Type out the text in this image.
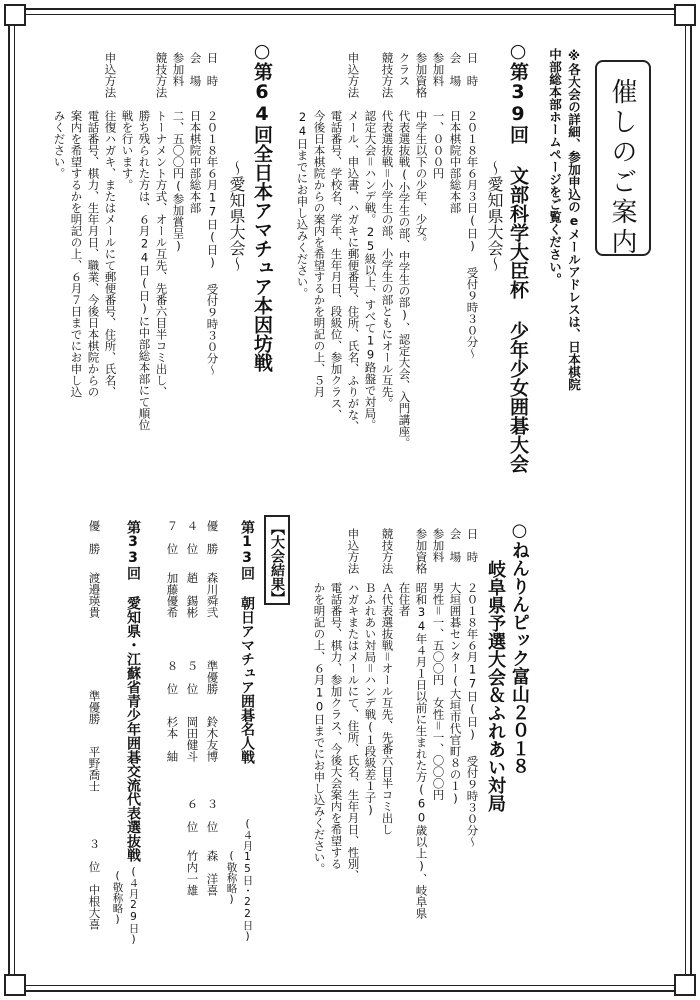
催しのご案内
※各大会の詳細、参加申込のeメールアドレスは、日本棋院
中部総本部ホームページをご覧ください。
○第39回 文部科学大臣杯 少年少女囲碁大会
～愛知県大会～
日　時
会　場
参加料
参加資格
クラス
競技方法
申込方法
２０１８年６月３日(日) 受付９時３０分～
日本棋院中部総本部
一、０００円
中学生以下の少年、少女。
代表選抜戦(小学生の部、中学生の部)、認定大会、入門講座。
代表選抜戦＝小学生の部、小学生の部ともにオール互先。
認定大会＝ハンデ戦。25級以上、すべて19路盤で対局。
メール、申込書、ハガキに郵便番号、住所、氏名、ふりがな、
電話番号、学校名、学年、生年月日、段級位、参加クラス、
今後日本棋院からの案内を希望するかを明記の上、５月
24日までにお申し込みください。
○第64回全日本アマチュア本因坊戦
～愛知県大会～
日　時
会　場
参加料
競技方法
申込方法
２０１８年６月17日(日) 受付９時３０分～
日本棋院中部総本部
二、五〇〇円(参加賞呈)
トーナメント方式、オール互先、先番六目半コミ出し、
勝ち残られた方は、６月24日(日)に中部総本部にて順位
戦を行います。
往復ハガキ、またはメールにて郵便番号、住所、氏名、
電話番号、棋力、生年月日、職業、今後日本棋院からの
案内を希望するかを明記の上、６月７日までにお申し込
みください。
○ねんりんピック富山２０１８
岐阜県予選大会＆ふれあい対局
日　時
会　場
参加料
参加資格
競技方法
申込方法
２０１８年６月17日(日) 受付９時３０分～
大垣囲碁センター(大垣市代官町８の１)
男性＝一、五〇〇円　女性＝一、〇〇〇円
昭和34年４月１日以前に生まれた方(60歳以上)、岐阜県
在住者
Ａ代表選抜戦＝オール互先、先番六目半コミ出し
Ｂふれあい対局＝ハンデ戦(１段級差１子)
ハガキまたはメールにて、住所、氏名、生年月日、性別、
電話番号、棋力、参加クラス、今後大会案内を希望する
かを明記の上、６月10日までにお申し込みください。
【大会結果】
第13回 朝日アマチュア囲碁名人戦
(４月15日・22日)
(敬称略)
優　勝
森川舜弐
準優勝
鈴木友博
３　位
森　洋喜
４　位
趙　錫彬
５　位
岡田健斗
６　位
竹内一雄
７　位
加藤優希
８　位
杉本　紬
第33回 愛知県・江蘇省青少年囲碁交流代表選抜戦
(４月29日)
(敬称略)
優　勝
渡邉瑛貴
準優勝
平野喬士
３　位
中根大喜
